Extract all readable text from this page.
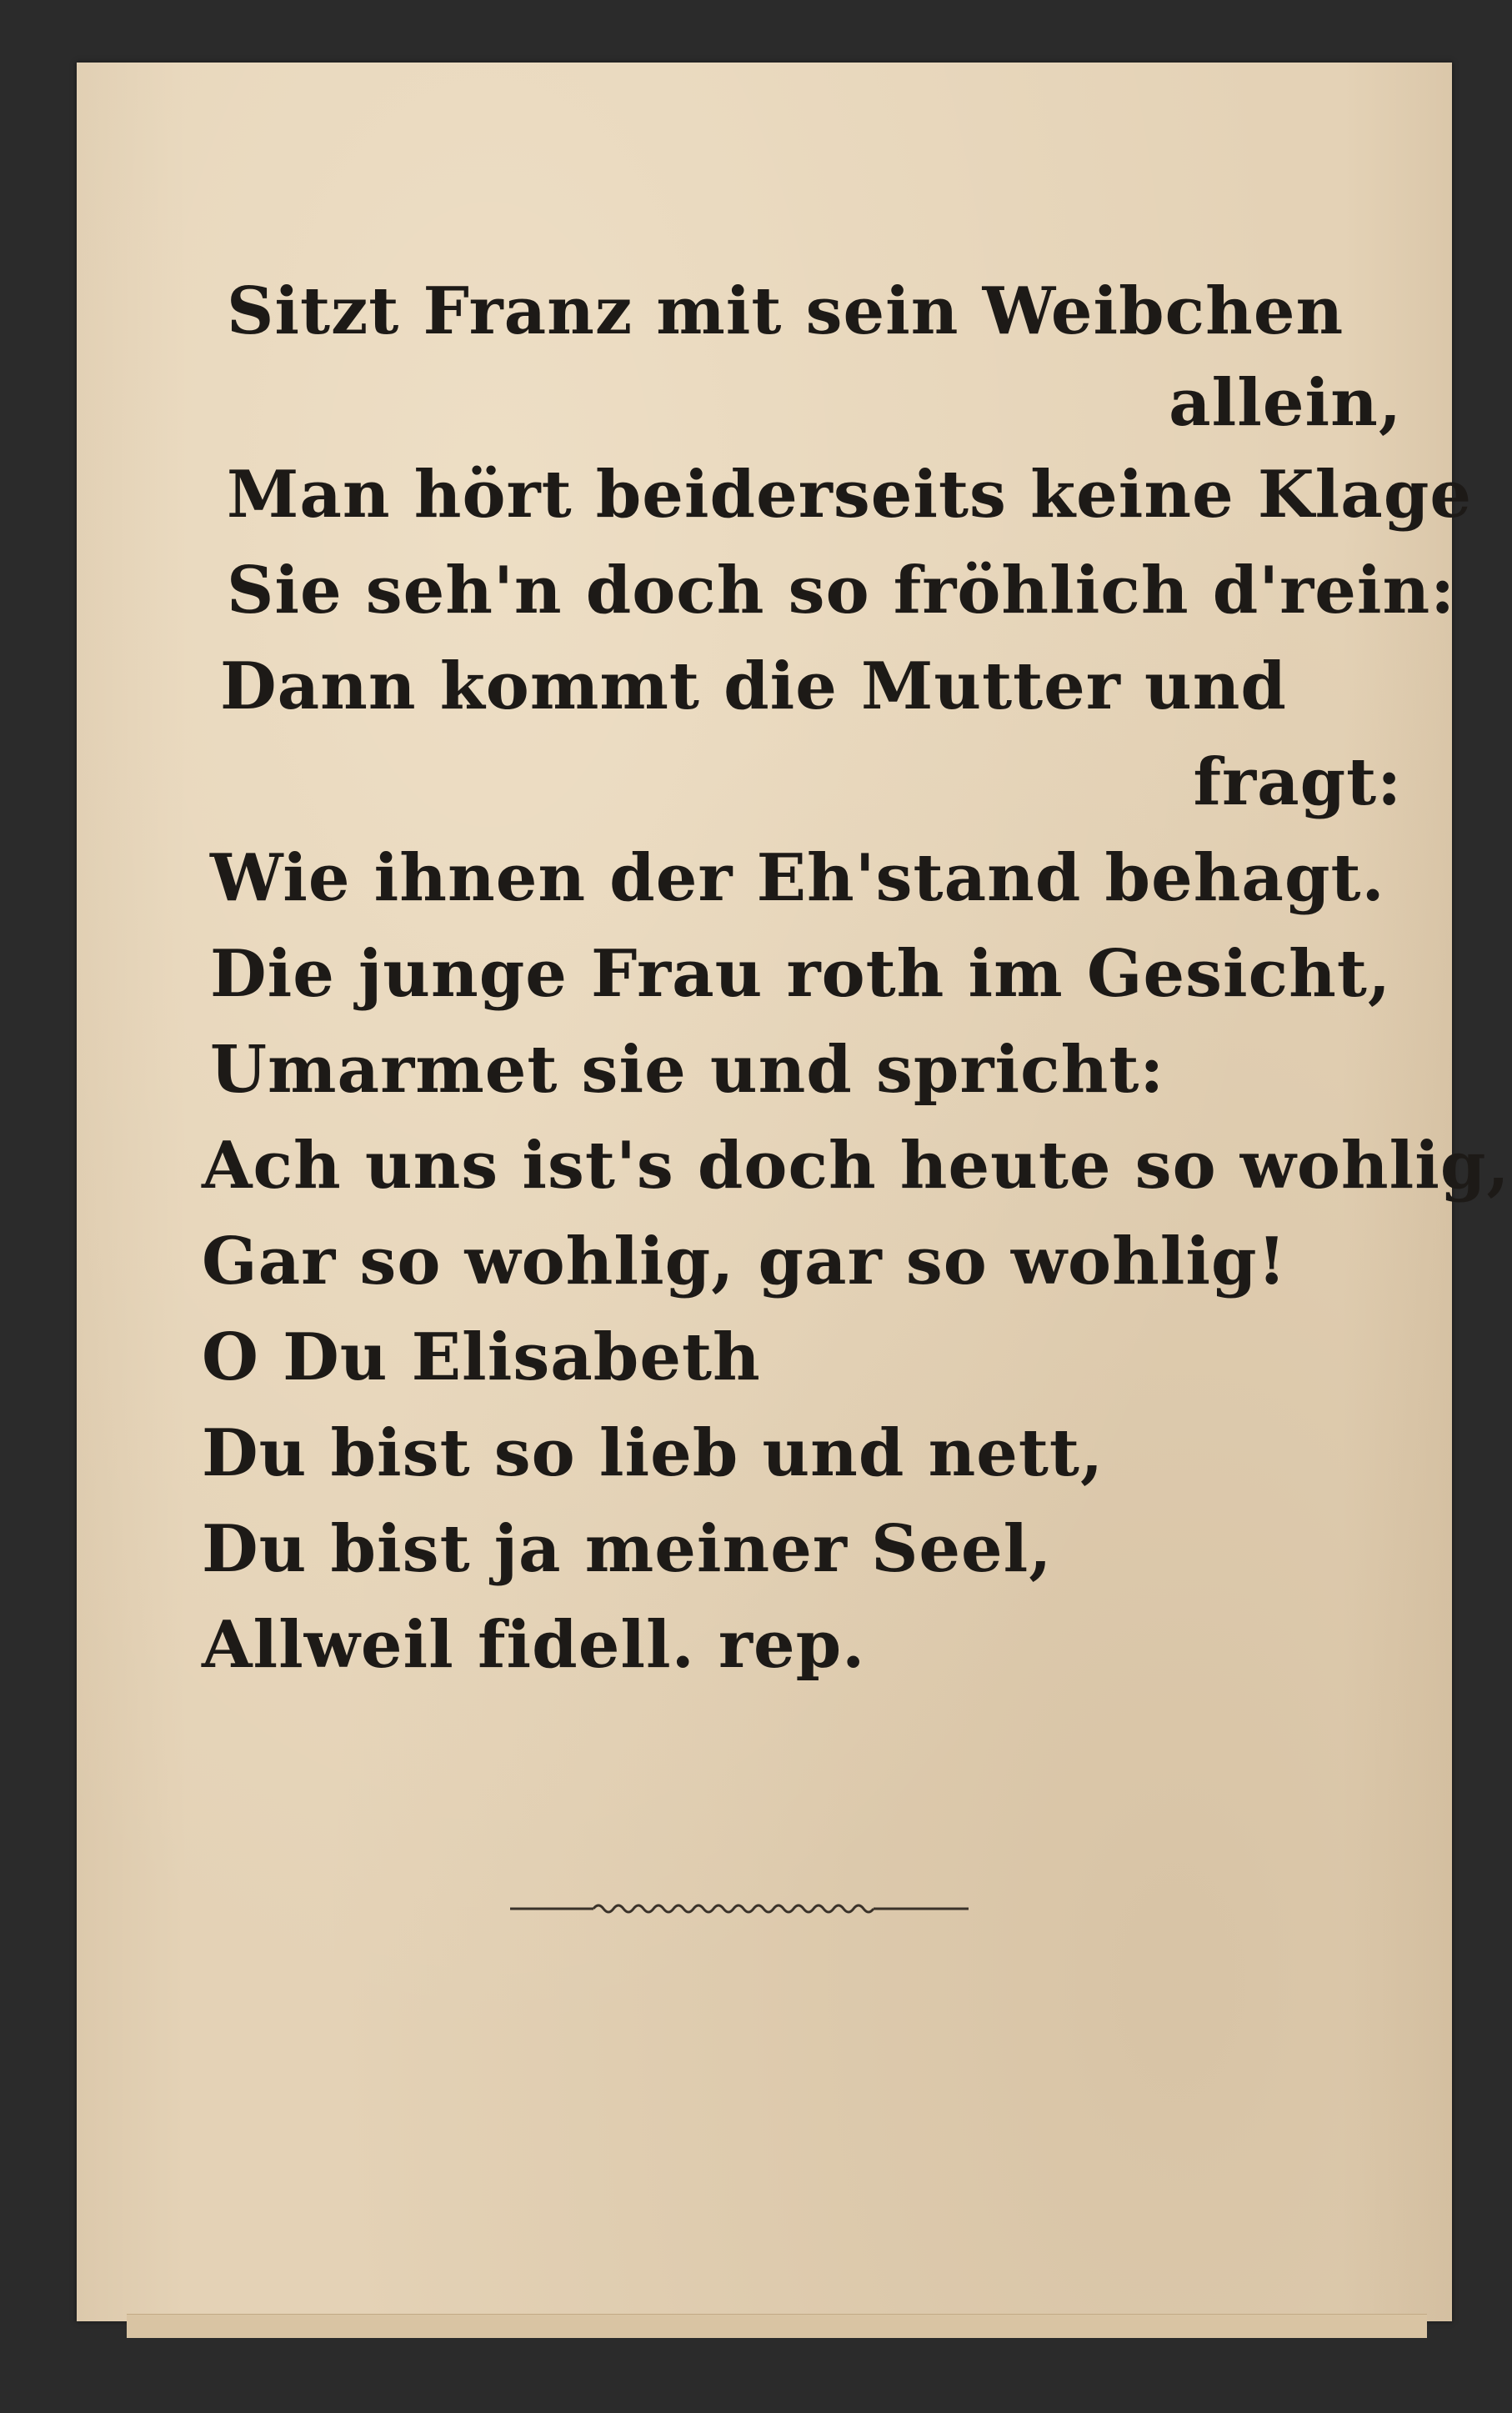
Sitzt Franz mit sein Weibchen
allein,
Man hört beiderseits keine Klage
Sie seh'n doch so fröhlich d'rein:
Dann kommt die Mutter und
fragt:
Wie ihnen der Eh'stand behagt.
Die junge Frau roth im Gesicht,
Umarmet sie und spricht:
Ach uns ist's doch heute so wohlig,
Gar so wohlig, gar so wohlig!
O Du Elisabeth
Du bist so lieb und nett,
Du bist ja meiner Seel,
Allweil fidell. rep.
